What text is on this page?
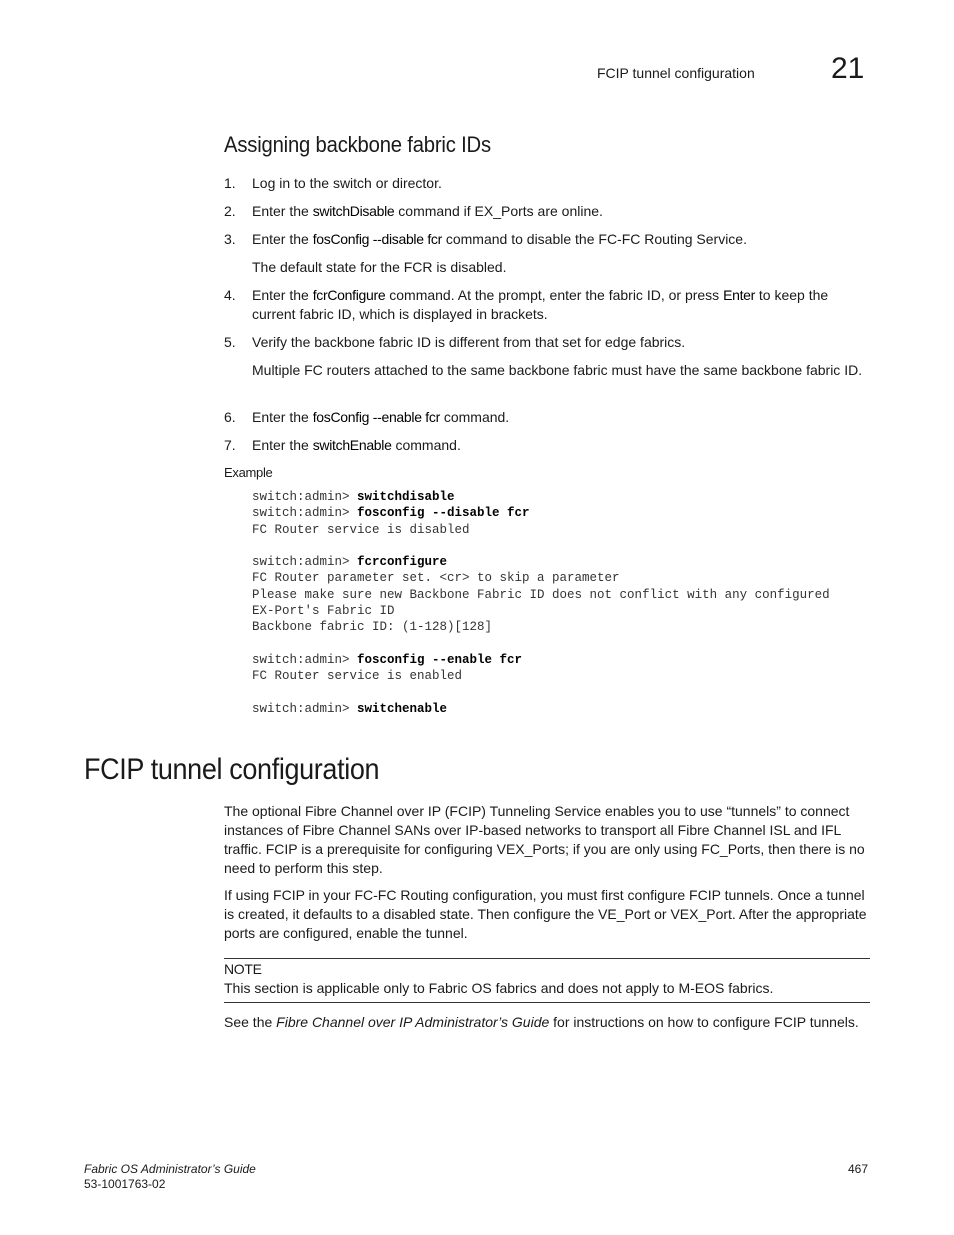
FCIP tunnel configuration	21
Assigning backbone fabric IDs
1.	Log in to the switch or director.
2.	Enter the switchDisable command if EX_Ports are online.
3.	Enter the fosConfig --disable fcr command to disable the FC-FC Routing Service.
The default state for the FCR is disabled.
4.	Enter the fcrConfigure command. At the prompt, enter the fabric ID, or press Enter to keep the current fabric ID, which is displayed in brackets.
5.	Verify the backbone fabric ID is different from that set for edge fabrics.
Multiple FC routers attached to the same backbone fabric must have the same backbone fabric ID.
6.	Enter the fosConfig --enable fcr command.
7.	Enter the switchEnable command.
Example
switch:admin> switchdisable
switch:admin> fosconfig --disable fcr
FC Router service is disabled

switch:admin> fcrconfigure
FC Router parameter set. <cr> to skip a parameter
Please make sure new Backbone Fabric ID does not conflict with any configured
EX-Port's Fabric ID
Backbone fabric ID: (1-128)[128]

switch:admin> fosconfig --enable fcr
FC Router service is enabled

switch:admin> switchenable
FCIP tunnel configuration
The optional Fibre Channel over IP (FCIP) Tunneling Service enables you to use “tunnels” to connect instances of Fibre Channel SANs over IP-based networks to transport all Fibre Channel ISL and IFL traffic. FCIP is a prerequisite for configuring VEX_Ports; if you are only using FC_Ports, then there is no need to perform this step.
If using FCIP in your FC-FC Routing configuration, you must first configure FCIP tunnels. Once a tunnel is created, it defaults to a disabled state. Then configure the VE_Port or VEX_Port. After the appropriate ports are configured, enable the tunnel.
NOTE
This section is applicable only to Fabric OS fabrics and does not apply to M-EOS fabrics.
See the Fibre Channel over IP Administrator’s Guide for instructions on how to configure FCIP tunnels.
Fabric OS Administrator’s Guide
53-1001763-02
467
